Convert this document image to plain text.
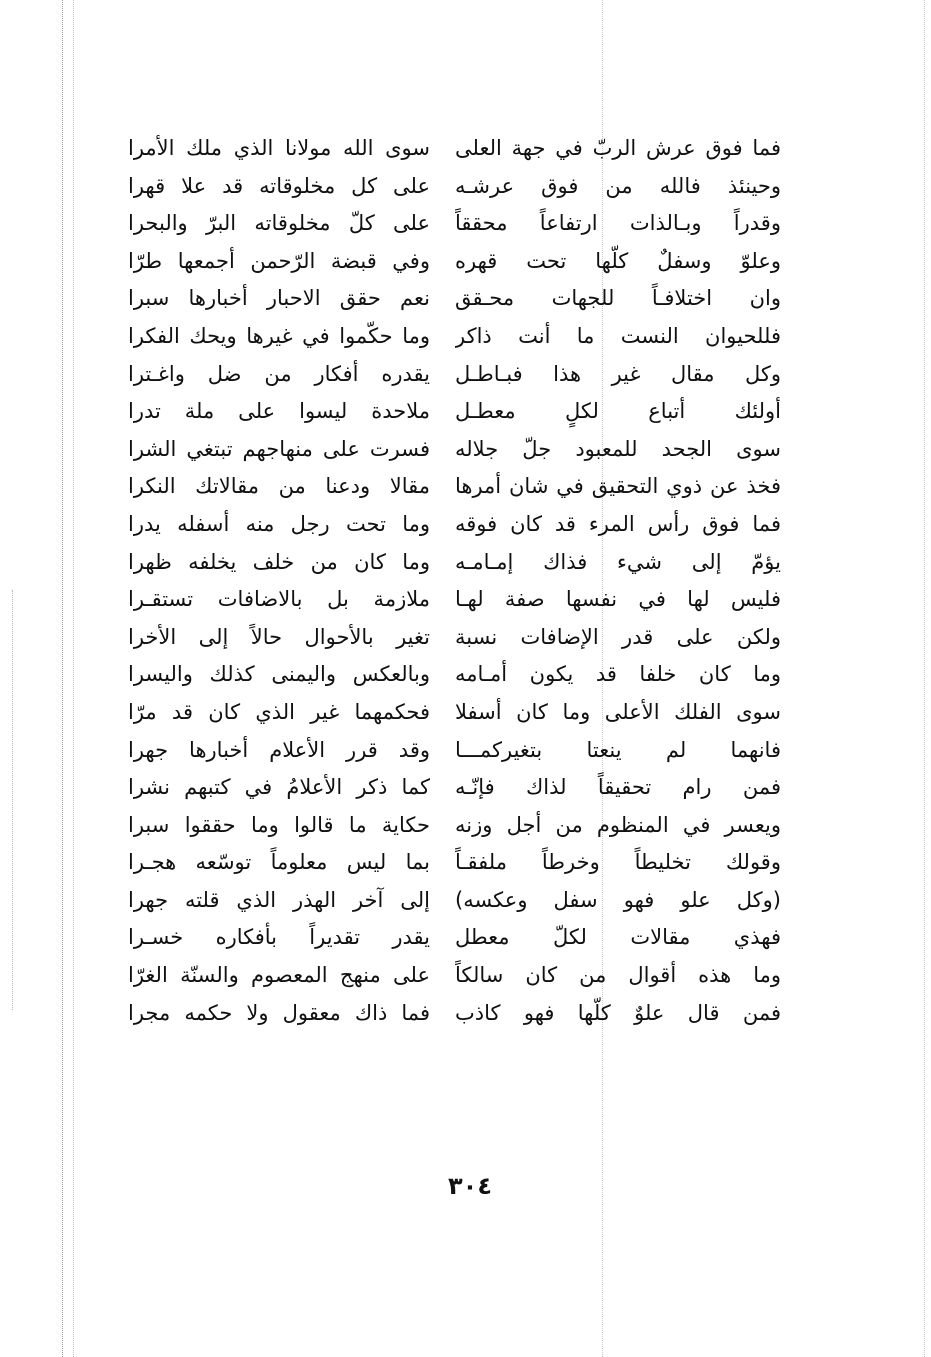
فما فوق عرش الربّ في جهة العلى
وحينئذ فالله من فوق عرشـه
وقدراً وبـالذات ارتفاعاً محققاً
وعلوّ وسفلٌ كلّها تحت قهره
وان اختلافـاً للجهات محـقق
فللحيوان النست ما أنت ذاكر
وكل مقال غير هذا فبـاطـل
أولئك أتباع لكلٍ معطـل
سوى الجحد للمعبود جلّ جلاله
فخذ عن ذوي التحقيق في شان أمرها
فما فوق رأس المرء قد كان فوقه
يؤمّ إلى شيء فذاك إمـامـه
فليس لها في نفسها صفة لهـا
ولكن على قدر الإضافات نسبة
وما كان خلفا قد يكون أمـامه
سوى الفلك الأعلى وما كان أسفلا
فانهما لم ينعتا بتغيركمـــا
فمن رام تحقيقاً لذاك فإنّـه
ويعسر في المنظوم من أجل وزنه
وقولك تخليطاً وخرطاً ملفقـاً
(وكل علو فهو سفل وعكسه)
فهذي مقالات لكلّ معطل
وما هذه أقوال من كان سالكاً
فمن قال علوٌ كلّها فهو كاذب
سوى الله مولانا الذي ملك الأمرا
على كل مخلوقاته قد علا قهرا
على كلّ مخلوقاته البرّ والبحرا
وفي قبضة الرّحمن أجمعها طرّا
نعم حقق الاحبار أخبارها سبرا
وما حكّموا في غيرها ويحك الفكرا
يقدره أفكار من ضل واغـترا
ملاحدة ليسوا على ملة تدرا
فسرت على منهاجهم تبتغي الشرا
مقالا ودعنا من مقالاتك النكرا
وما تحت رجل منه أسفله يدرا
وما كان من خلف يخلفه ظهرا
ملازمة بل بالاضافات تستقـرا
تغير بالأحوال حالاً إلى الأخرا
وبالعكس واليمنى كذلك واليسرا
فحكمهما غير الذي كان قد مرّا
وقد قرر الأعلام أخبارها جهرا
كما ذكر الأعلامُ في كتبهم نشرا
حكاية ما قالوا وما حققوا سبرا
بما ليس معلوماً توسّعه هجـرا
إلى آخر الهذر الذي قلته جهرا
يقدر تقديراً بأفكاره خسـرا
على منهج المعصوم والسنّة الغرّا
فما ذاك معقول ولا حكمه مجرا
٣٠٤
